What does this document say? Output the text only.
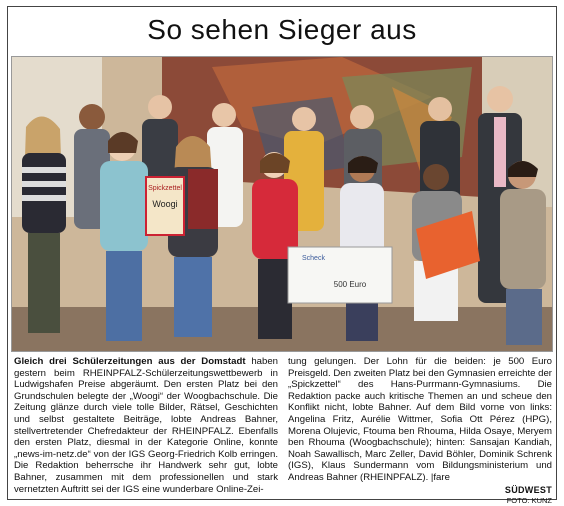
So sehen Sieger aus
Spickzettel
Woogi
Scheck
500 Euro
Gleich drei Schülerzeitungen aus der Domstadt haben gestern beim RHEINPFALZ-Schülerzeitungswettbewerb in Ludwigshafen Preise abgeräumt. Den ersten Platz bei den Grundschulen belegte der „Woogi“ der Woogbachschule. Die Zeitung glänze durch viele tolle Bilder, Rätsel, Geschichten und selbst gestaltete Beiträge, lobte Andreas Bahner, stellvertretender Chefredakteur der RHEINPFALZ. Ebenfalls den ersten Platz, diesmal in der Kategorie Online, konnte „news-im-netz.de“ von der IGS Georg-Friedrich Kolb erringen. Die Redaktion beherrsche ihr Handwerk sehr gut, lobte Bahner, zusammen mit dem professionellen und stark vernetzten Auftritt sei der IGS eine wunderbare Online-Zei-
tung gelungen. Der Lohn für die beiden: je 500 Euro Preisgeld. Den zweiten Platz bei den Gymnasien erreichte der „Spickzettel“ des Hans-Purrmann-Gymnasiums. Die Redaktion packe auch kritische Themen an und scheue den Konflikt nicht, lobte Bahner. Auf dem Bild vorne von links: Angelina Fritz, Aurélie Wittmer, Sofia Ott Pérez (HPG), Morena Olujevic, Ftouma ben Rhouma, Hilda Osaye, Meryem ben Rhouma (Woogbachschule); hinten: Sansajan Kandiah, Noah Sawallisch, Marc Zeller, David Böhler, Dominik Schrenk (IGS), Klaus Sundermann vom Bildungsministerium und Andreas Bahner (RHEINPFALZ). |fare
SÜDWEST
FOTO: KUNZ
